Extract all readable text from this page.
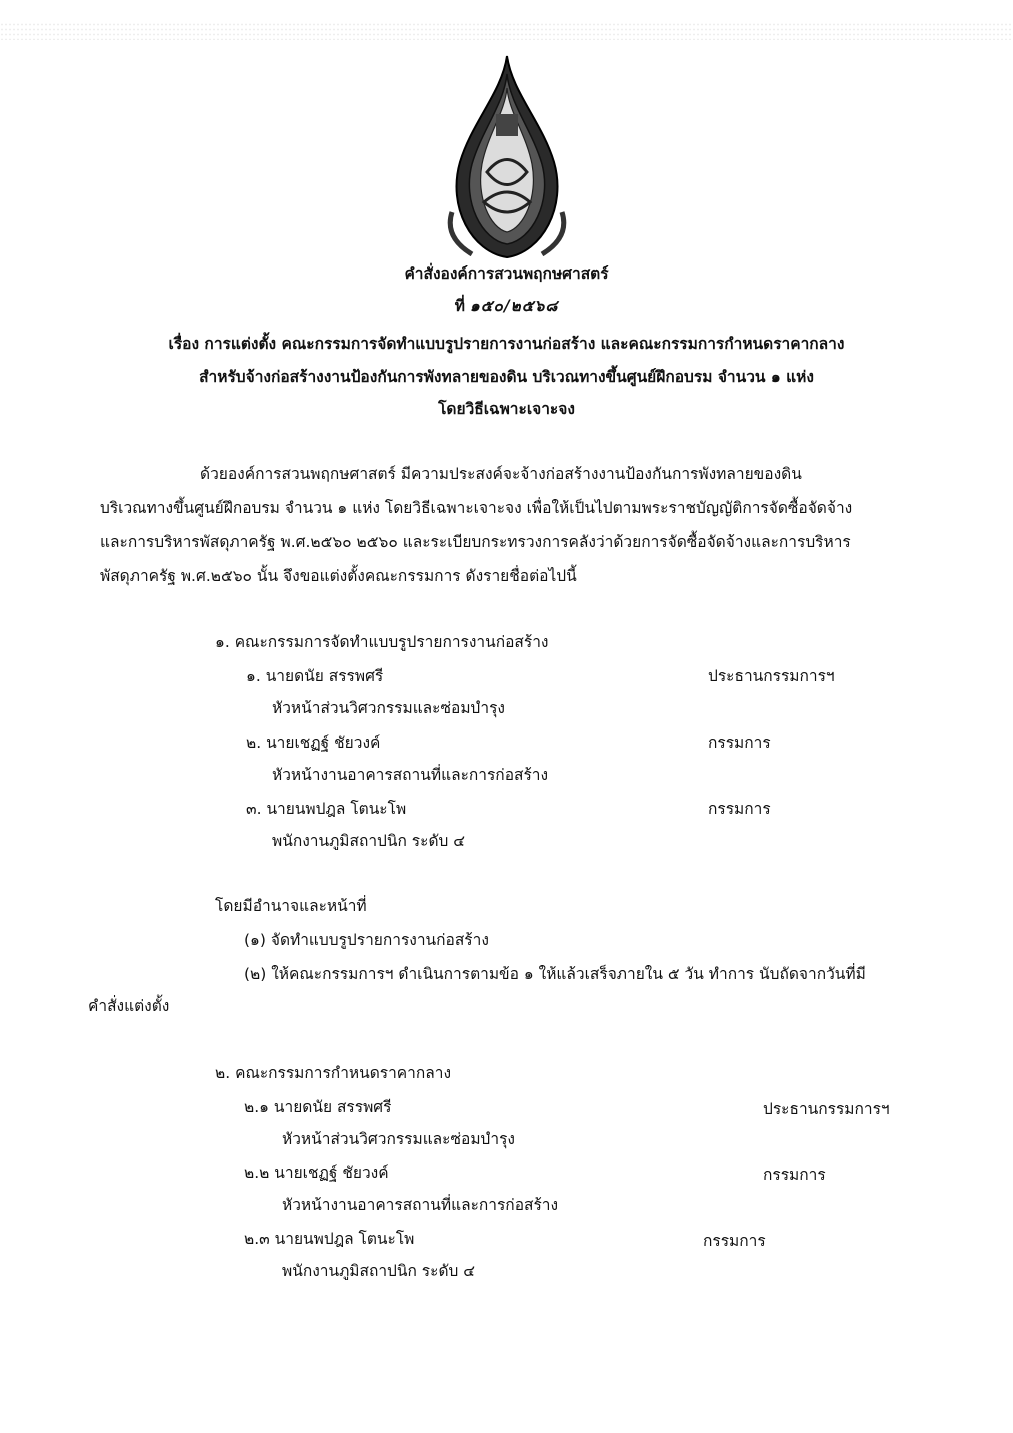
คำสั่งองค์การสวนพฤกษศาสตร์
ที่ ๑๕๐/๒๕๖๘
เรื่อง การแต่งตั้ง คณะกรรมการจัดทำแบบรูปรายการงานก่อสร้าง และคณะกรรมการกำหนดราคากลาง
สำหรับจ้างก่อสร้างงานป้องกันการพังทลายของดิน บริเวณทางขึ้นศูนย์ฝึกอบรม จำนวน ๑ แห่ง
โดยวิธีเฉพาะเจาะจง
ด้วยองค์การสวนพฤกษศาสตร์ มีความประสงค์จะจ้างก่อสร้างงานป้องกันการพังทลายของดิน
บริเวณทางขึ้นศูนย์ฝึกอบรม จำนวน ๑ แห่ง โดยวิธีเฉพาะเจาะจง เพื่อให้เป็นไปตามพระราชบัญญัติการจัดซื้อจัดจ้าง
และการบริหารพัสดุภาครัฐ พ.ศ.๒๕๖๐ ๒๕๖๐ และระเบียบกระทรวงการคลังว่าด้วยการจัดซื้อจัดจ้างและการบริหาร
พัสดุภาครัฐ พ.ศ.๒๕๖๐ นั้น จึงขอแต่งตั้งคณะกรรมการ ดังรายชื่อต่อไปนี้
๑. คณะกรรมการจัดทำแบบรูปรายการงานก่อสร้าง
๑. นายดนัย สรรพศรี	ประธานกรรมการฯ
หัวหน้าส่วนวิศวกรรมและซ่อมบำรุง
๒. นายเชฏฐ์ ชัยวงค์	กรรมการ
หัวหน้างานอาคารสถานที่และการก่อสร้าง
๓. นายนพปฎล โตนะโพ	กรรมการ
พนักงานภูมิสถาปนิก ระดับ ๔
โดยมีอำนาจและหน้าที่
(๑) จัดทำแบบรูปรายการงานก่อสร้าง
(๒) ให้คณะกรรมการฯ ดำเนินการตามข้อ ๑ ให้แล้วเสร็จภายใน ๕ วัน ทำการ นับถัดจากวันที่มี
คำสั่งแต่งตั้ง
๒. คณะกรรมการกำหนดราคากลาง
๒.๑ นายดนัย สรรพศรี	ประธานกรรมการฯ
หัวหน้าส่วนวิศวกรรมและซ่อมบำรุง
๒.๒ นายเชฏฐ์ ชัยวงค์	กรรมการ
หัวหน้างานอาคารสถานที่และการก่อสร้าง
๒.๓ นายนพปฎล โตนะโพ	กรรมการ
พนักงานภูมิสถาปนิก ระดับ ๔
